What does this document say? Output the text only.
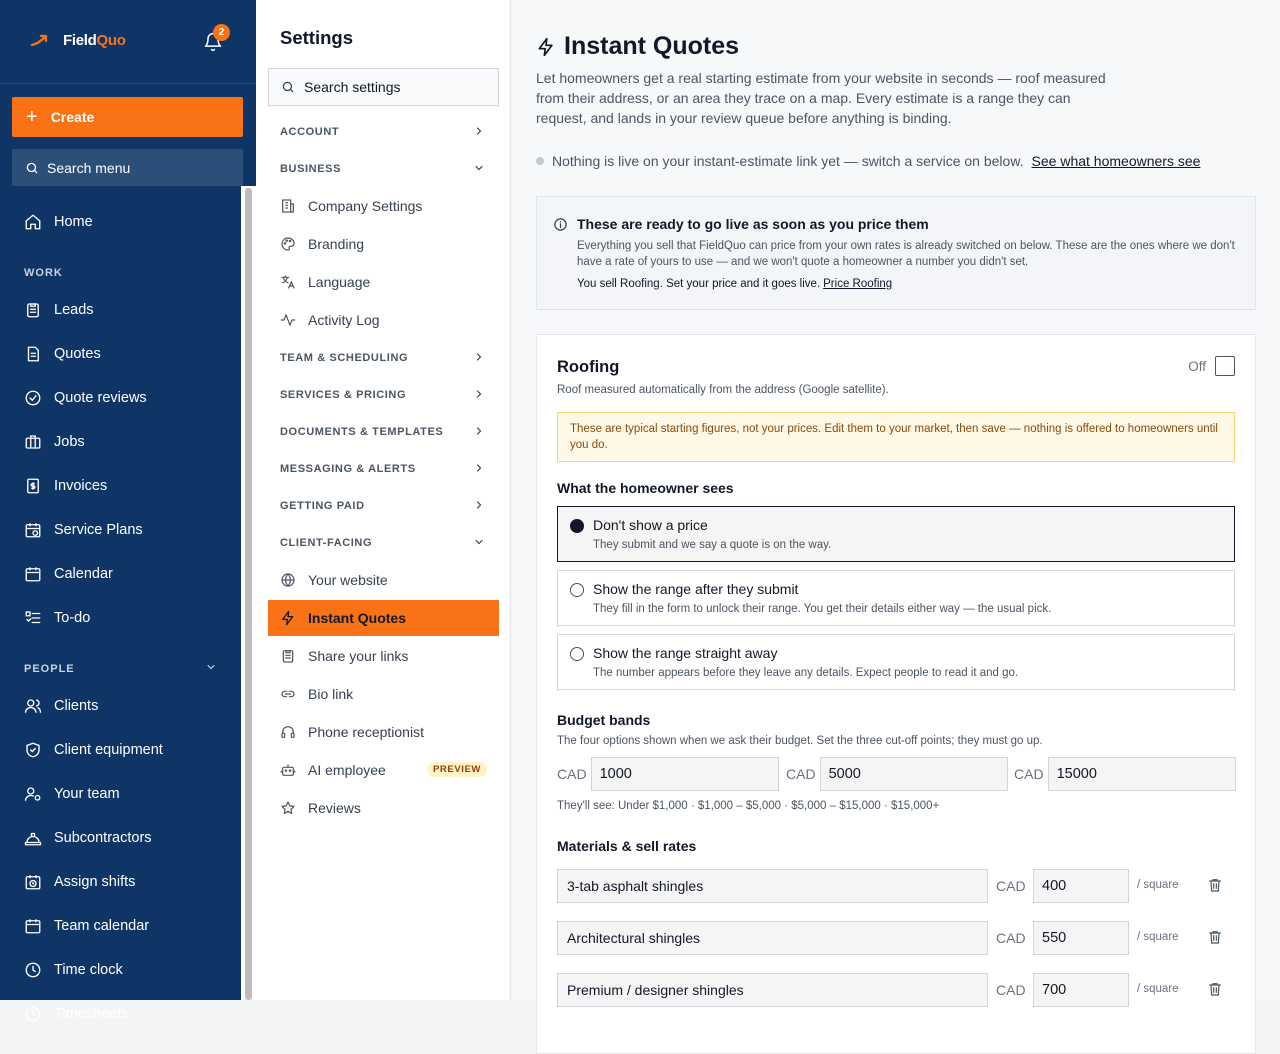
FieldQuo	2
+ Create
Search menu
Home
WORK
Leads
Quotes
Quote reviews
Jobs
Invoices
Service Plans
Calendar
To-do
PEOPLE
Clients
Client equipment
Your team
Subcontractors
Assign shifts
Team calendar
Time clock
Timesheets
Settings
Search settings
ACCOUNT
BUSINESS
Company Settings
Branding
Language
Activity Log
TEAM & SCHEDULING
SERVICES & PRICING
DOCUMENTS & TEMPLATES
MESSAGING & ALERTS
GETTING PAID
CLIENT-FACING
Your website
Instant Quotes
Share your links
Bio link
Phone receptionist
AI employee	PREVIEW
Reviews
Instant Quotes
Let homeowners get a real starting estimate from your website in seconds — roof measured from their address, or an area they trace on a map. Every estimate is a range they can request, and lands in your review queue before anything is binding.
Nothing is live on your instant-estimate link yet — switch a service on below. See what homeowners see
These are ready to go live as soon as you price them
Everything you sell that FieldQuo can price from your own rates is already switched on below. These are the ones where we don't have a rate of yours to use — and we won't quote a homeowner a number you didn't set.
You sell Roofing. Set your price and it goes live. Price Roofing
Roofing	Off
Roof measured automatically from the address (Google satellite).
These are typical starting figures, not your prices. Edit them to your market, then save — nothing is offered to homeowners until you do.
What the homeowner sees
Don't show a price
They submit and we say a quote is on the way.
Show the range after they submit
They fill in the form to unlock their range. You get their details either way — the usual pick.
Show the range straight away
The number appears before they leave any details. Expect people to read it and go.
Budget bands
The four options shown when we ask their budget. Set the three cut-off points; they must go up.
CAD 1000	CAD 5000	CAD 15000
They'll see: Under $1,000 · $1,000 – $5,000 · $5,000 – $15,000 · $15,000+
Materials & sell rates
3-tab asphalt shingles	CAD	400	/ square
Architectural shingles	CAD	550	/ square
Premium / designer shingles	CAD	700	/ square
